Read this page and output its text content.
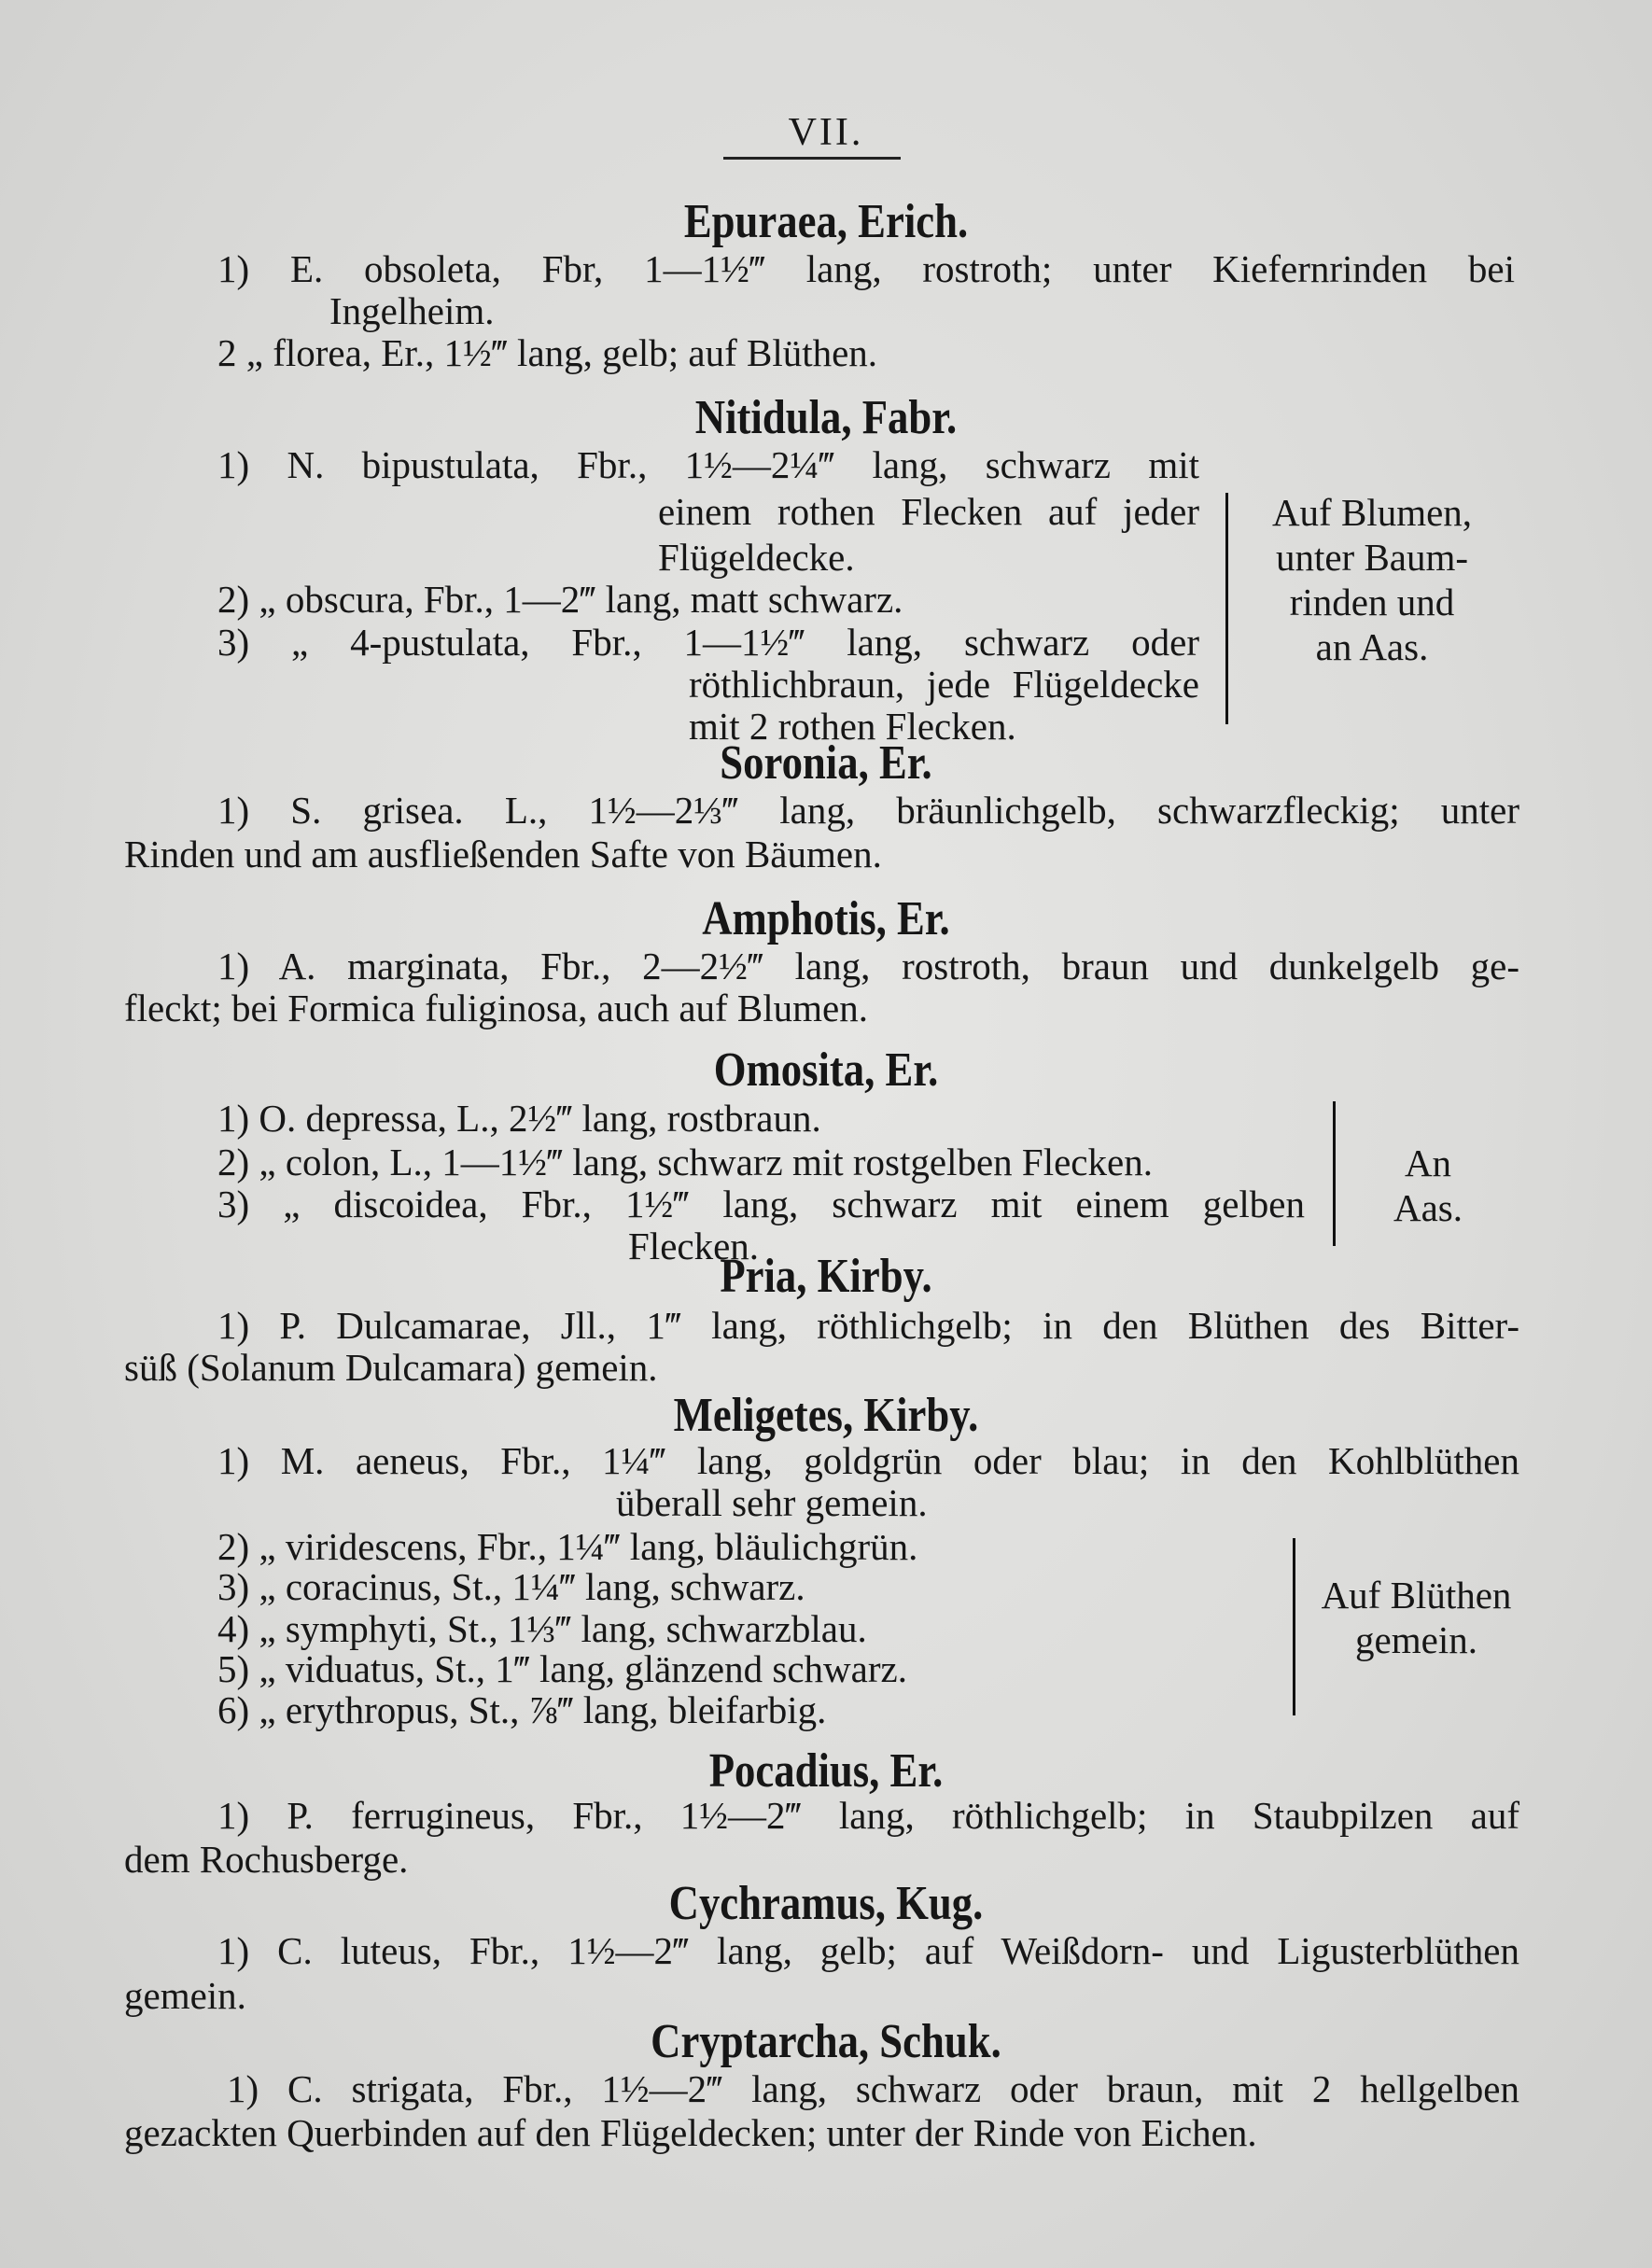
VII.
Epuraea, Erich.
1) E. obsoleta, Fbr, 1—1½‴ lang, rostroth; unter Kiefernrinden bei
Ingelheim.
2 „ florea, Er., 1½‴ lang, gelb; auf Blüthen.
Nitidula, Fabr.
1) N. bipustulata, Fbr., 1½—2¼‴ lang, schwarz mit
einem rothen Flecken auf jeder
Flügeldecke.
2) „ obscura, Fbr., 1—2‴ lang, matt schwarz.
3) „ 4-pustulata, Fbr., 1—1½‴ lang, schwarz oder
röthlichbraun, jede Flügeldecke
mit 2 rothen Flecken.
Auf Blumen,
unter Baum-
rinden und
an Aas.
Soronia, Er.
1) S. grisea. L., 1½—2⅓‴ lang, bräunlichgelb, schwarzfleckig; unter
Rinden und am ausfließenden Safte von Bäumen.
Amphotis, Er.
1) A. marginata, Fbr., 2—2½‴ lang, rostroth, braun und dunkelgelb ge-
fleckt; bei Formica fuliginosa, auch auf Blumen.
Omosita, Er.
1) O. depressa, L., 2½‴ lang, rostbraun.
2) „ colon, L., 1—1½‴ lang, schwarz mit rostgelben Flecken.
3) „ discoidea, Fbr., 1½‴ lang, schwarz mit einem gelben
Flecken.
An
Aas.
Pria, Kirby.
1) P. Dulcamarae, Jll., 1‴ lang, röthlichgelb; in den Blüthen des Bitter-
süß (Solanum Dulcamara) gemein.
Meligetes, Kirby.
1) M. aeneus, Fbr., 1¼‴ lang, goldgrün oder blau; in den Kohlblüthen
überall sehr gemein.
2) „ viridescens, Fbr., 1¼‴ lang, bläulichgrün.
3) „ coracinus, St., 1¼‴ lang, schwarz.
4) „ symphyti, St., 1⅓‴ lang, schwarzblau.
5) „ viduatus, St., 1‴ lang, glänzend schwarz.
6) „ erythropus, St., ⅞‴ lang, bleifarbig.
Auf Blüthen
gemein.
Pocadius, Er.
1) P. ferrugineus, Fbr., 1½—2‴ lang, röthlichgelb; in Staubpilzen auf
dem Rochusberge.
Cychramus, Kug.
1) C. luteus, Fbr., 1½—2‴ lang, gelb; auf Weißdorn- und Ligusterblüthen
gemein.
Cryptarcha, Schuk.
1) C. strigata, Fbr., 1½—2‴ lang, schwarz oder braun, mit 2 hellgelben
gezackten Querbinden auf den Flügeldecken; unter der Rinde von Eichen.
